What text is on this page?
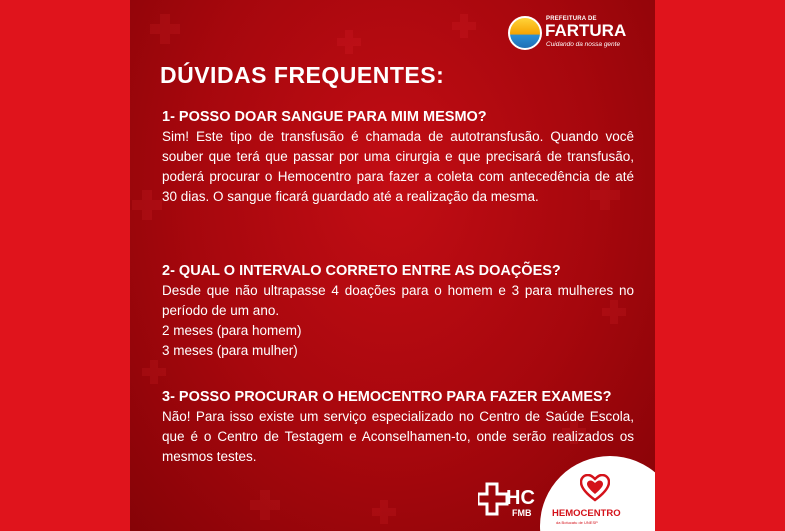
PREFEITURA DE
FARTURA
Cuidando da nossa gente
DÚVIDAS FREQUENTES:
1- POSSO DOAR SANGUE PARA MIM MESMO?
Sim! Este tipo de transfusão é chamada de autotransfusão. Quando você souber que terá que passar por uma cirurgia e que precisará de transfusão, poderá procurar o Hemocentro para fazer a coleta com antecedência de até 30 dias. O sangue ficará guardado até a realização da mesma.
2- QUAL O INTERVALO CORRETO ENTRE AS DOAÇÕES?
Desde que não ultrapasse 4 doações para o homem e 3 para mulheres no período de um ano.
2 meses (para homem)
3 meses (para mulher)
3- POSSO PROCURAR O HEMOCENTRO PARA FAZER EXAMES?
Não! Para isso existe um serviço especializado no Centro de Saúde Escola, que é o Centro de Testagem e Aconselhamen-to, onde serão realizados os mesmos testes.
HC
FMB HEMOCENTRO
da Botucatu de UNESP
